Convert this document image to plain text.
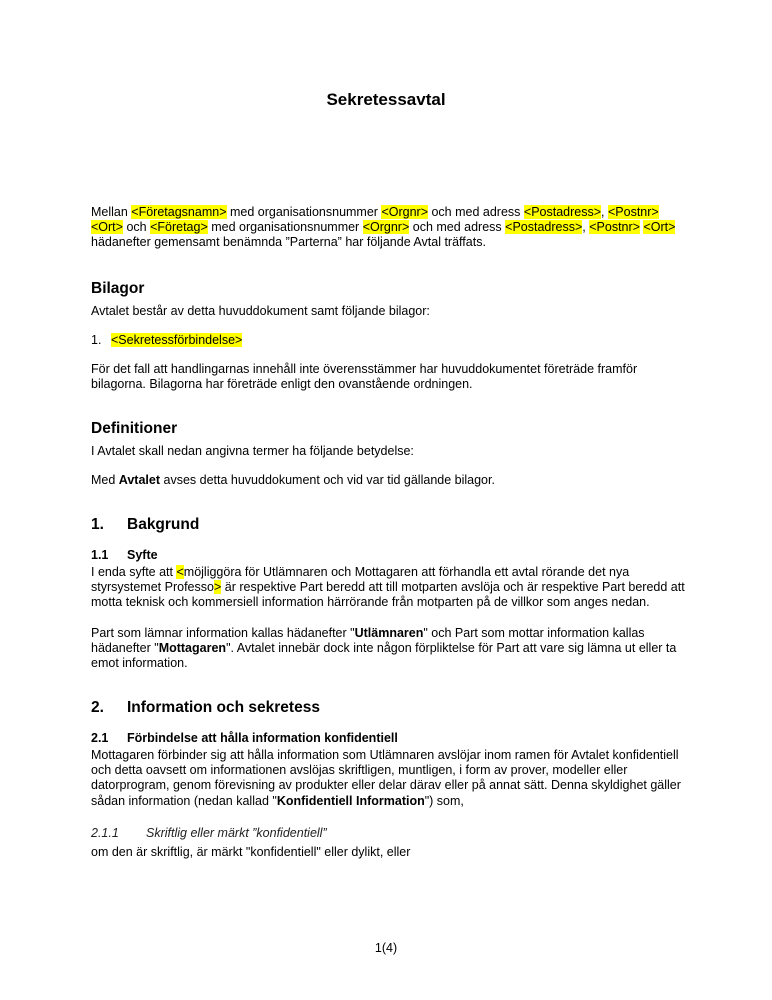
Sekretessavtal

Mellan <Företagsnamn> med organisationsnummer <Orgnr> och med adress <Postadress>, <Postnr>
<Ort> och <Företag> med organisationsnummer <Orgnr> och med adress <Postadress>, <Postnr> <Ort>
hädanefter gemensamt benämnda ”Parterna” har följande Avtal träffats.

Bilagor

Avtalet består av detta huvuddokument samt följande bilagor:

1. <Sekretessförbindelse>

För det fall att handlingarnas innehåll inte överensstämmer har huvuddokumentet företräde framför bilagorna. Bilagorna har företräde enligt den ovanstående ordningen.

Definitioner

I Avtalet skall nedan angivna termer ha följande betydelse:

Med Avtalet avses detta huvuddokument och vid var tid gällande bilagor.

1. Bakgrund
1.1 Syfte

I enda syfte att <möjliggöra för Utlämnaren och Mottagaren att förhandla ett avtal rörande det nya styrsystemet Professo> är respektive Part beredd att till motparten avslöja och är respektive Part beredd att motta teknisk och kommersiell information härrörande från motparten på de villkor som anges nedan.

Part som lämnar information kallas hädanefter "Utlämnaren" och Part som mottar information kallas hädanefter "Mottagaren". Avtalet innebär dock inte någon förpliktelse för Part att vare sig lämna ut eller ta emot information.

2. Information och sekretess
2.1 Förbindelse att hålla information konfidentiell

Mottagaren förbinder sig att hålla information som Utlämnaren avslöjar inom ramen för Avtalet konfidentiell och detta oavsett om informationen avslöjas skriftligen, muntligen, i form av prover, modeller eller datorprogram, genom förevisning av produkter eller delar därav eller på annat sätt. Denna skyldighet gäller sådan information (nedan kallad "Konfidentiell Information") som,

2.1.1 Skriftlig eller märkt ”konfidentiell”

om den är skriftlig, är märkt "konfidentiell" eller dylikt, eller

1(4)
